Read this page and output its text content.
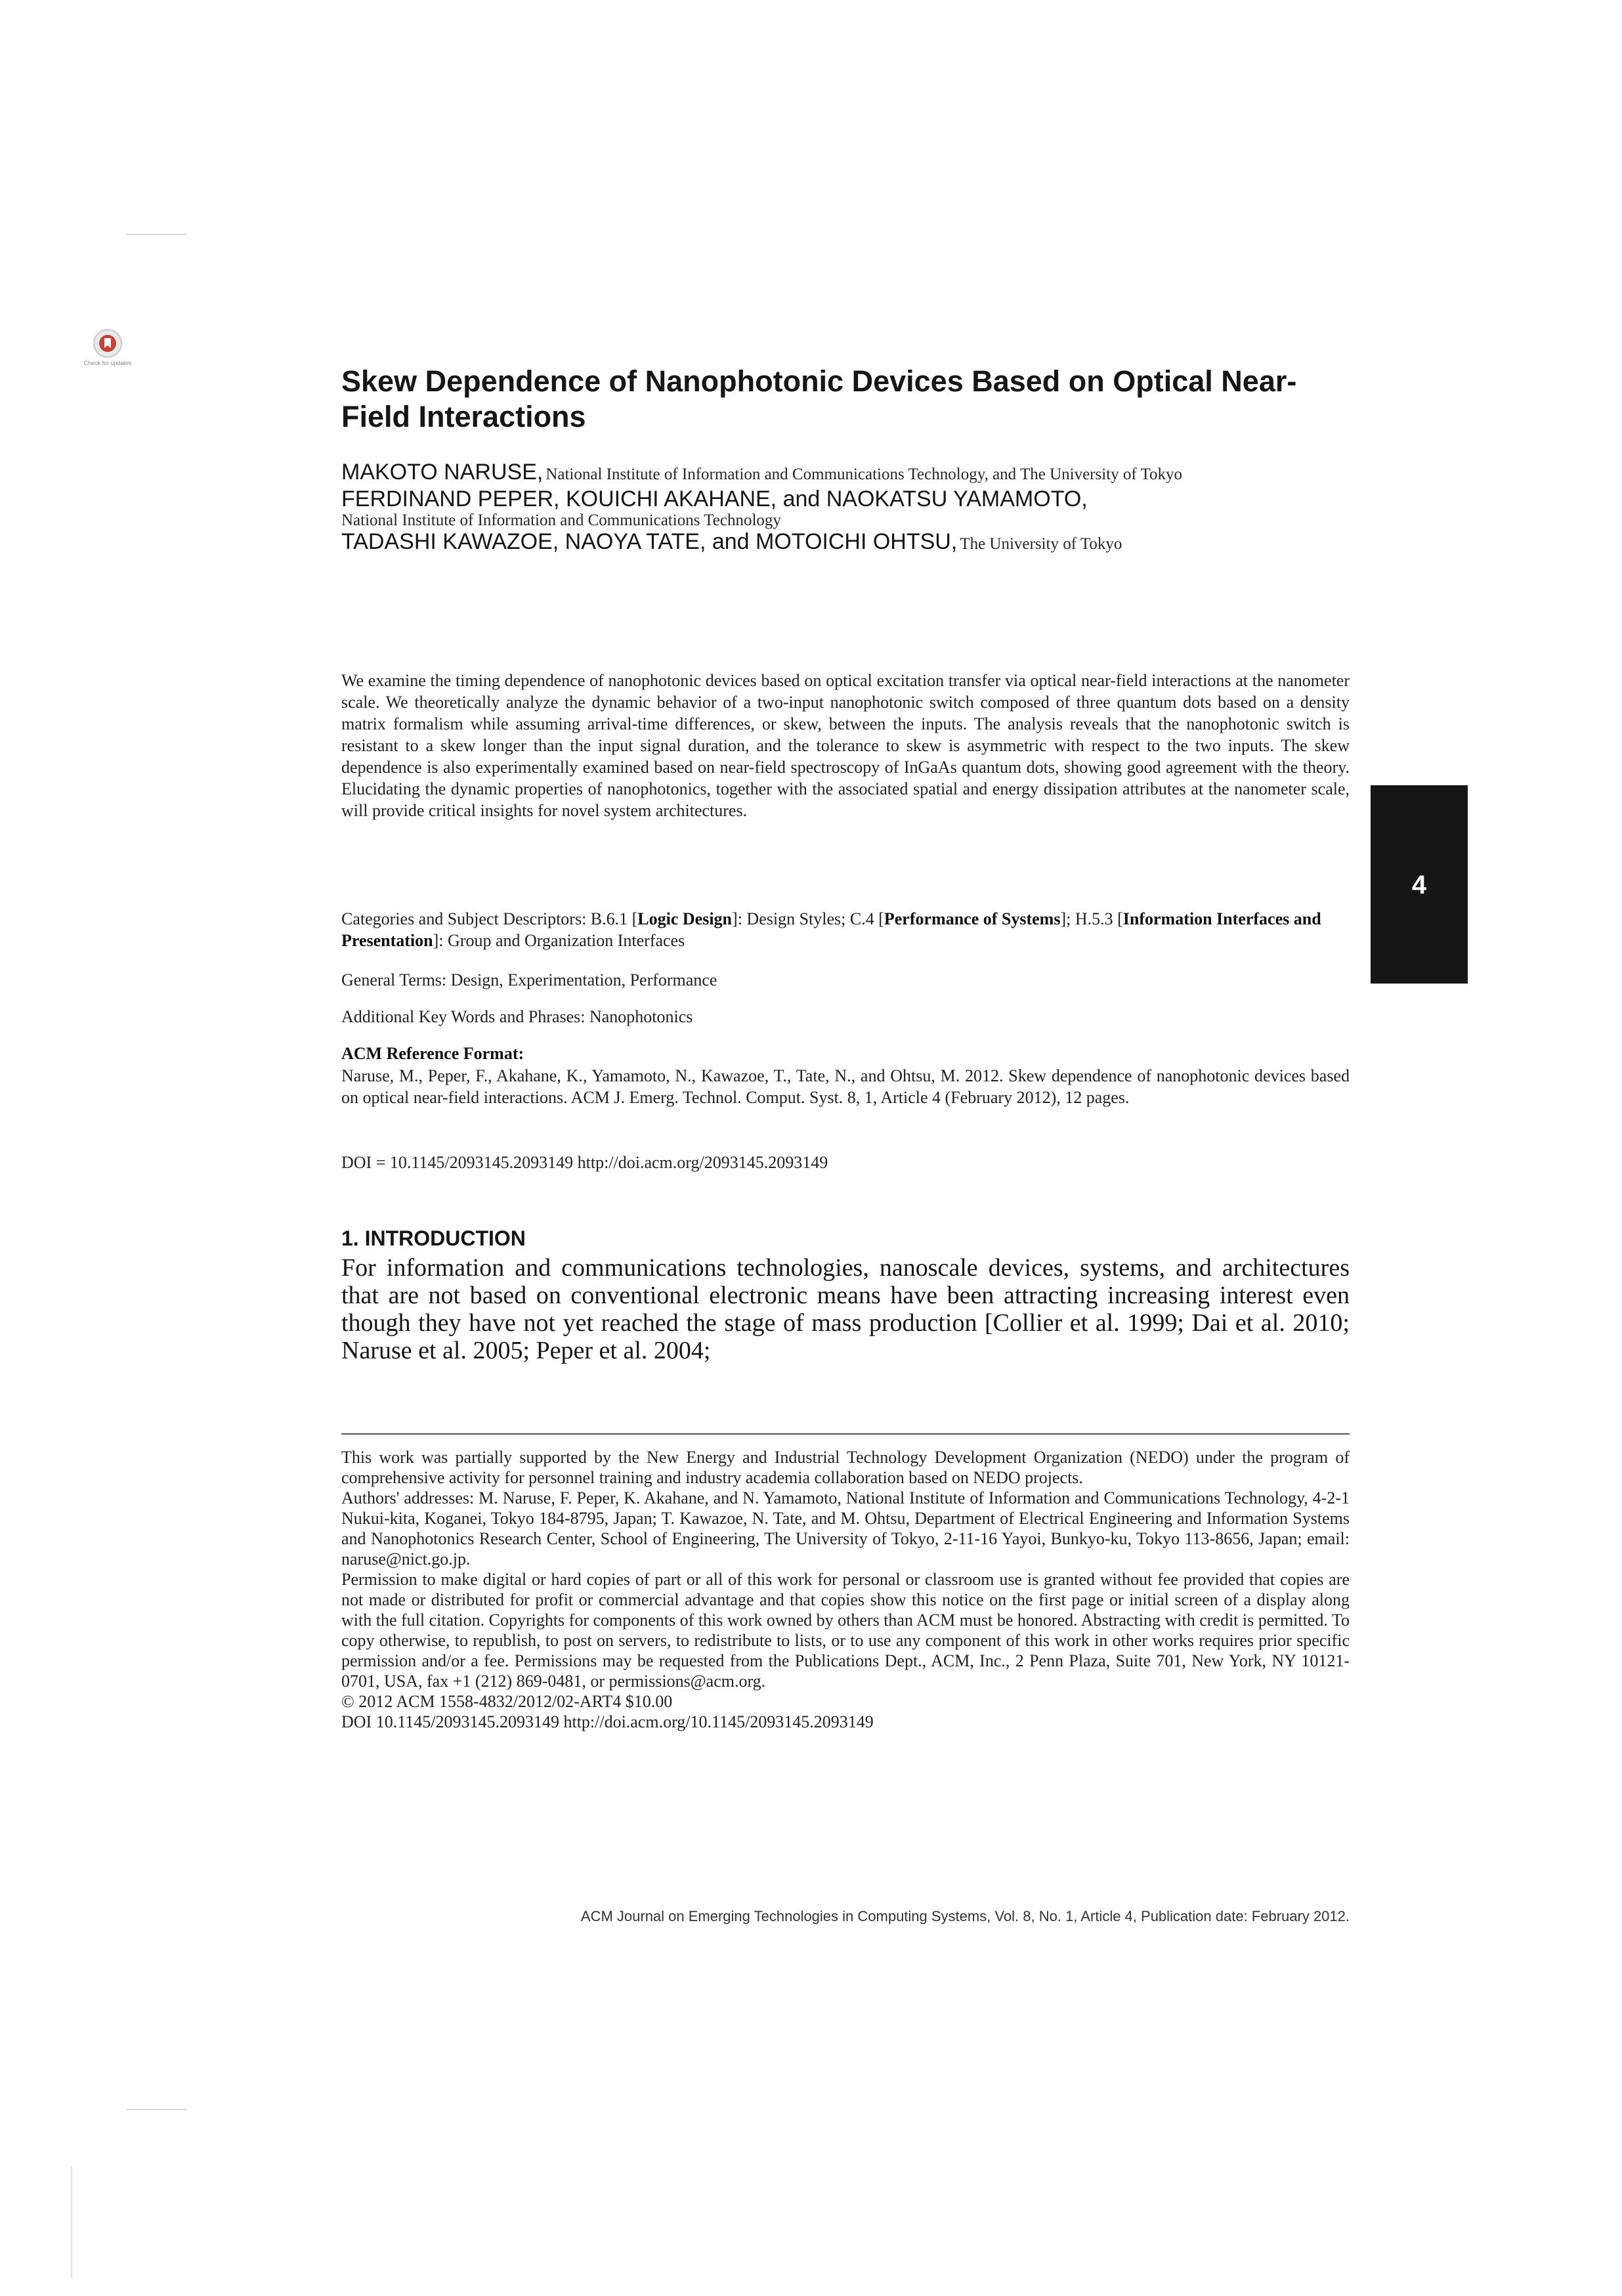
Check for updates
Skew Dependence of Nanophotonic Devices Based on Optical Near-Field Interactions
MAKOTO NARUSE, National Institute of Information and Communications Technology, and The University of Tokyo
FERDINAND PEPER, KOUICHI AKAHANE, and NAOKATSU YAMAMOTO,
National Institute of Information and Communications Technology
TADASHI KAWAZOE, NAOYA TATE, and MOTOICHI OHTSU, The University of Tokyo
We examine the timing dependence of nanophotonic devices based on optical excitation transfer via optical near-field interactions at the nanometer scale. We theoretically analyze the dynamic behavior of a two-input nanophotonic switch composed of three quantum dots based on a density matrix formalism while assuming arrival-time differences, or skew, between the inputs. The analysis reveals that the nanophotonic switch is resistant to a skew longer than the input signal duration, and the tolerance to skew is asymmetric with respect to the two inputs. The skew dependence is also experimentally examined based on near-field spectroscopy of InGaAs quantum dots, showing good agreement with the theory. Elucidating the dynamic properties of nanophotonics, together with the associated spatial and energy dissipation attributes at the nanometer scale, will provide critical insights for novel system architectures.
Categories and Subject Descriptors: B.6.1 [Logic Design]: Design Styles; C.4 [Performance of Systems]; H.5.3 [Information Interfaces and Presentation]: Group and Organization Interfaces
General Terms: Design, Experimentation, Performance
Additional Key Words and Phrases: Nanophotonics
ACM Reference Format:
Naruse, M., Peper, F., Akahane, K., Yamamoto, N., Kawazoe, T., Tate, N., and Ohtsu, M. 2012. Skew dependence of nanophotonic devices based on optical near-field interactions. ACM J. Emerg. Technol. Comput. Syst. 8, 1, Article 4 (February 2012), 12 pages.
DOI = 10.1145/2093145.2093149 http://doi.acm.org/2093145.2093149
4
1. INTRODUCTION
For information and communications technologies, nanoscale devices, systems, and architectures that are not based on conventional electronic means have been attracting increasing interest even though they have not yet reached the stage of mass production [Collier et al. 1999; Dai et al. 2010; Naruse et al. 2005; Peper et al. 2004;

This work was partially supported by the New Energy and Industrial Technology Development Organization (NEDO) under the program of comprehensive activity for personnel training and industry academia collaboration based on NEDO projects.

Authors' addresses: M. Naruse, F. Peper, K. Akahane, and N. Yamamoto, National Institute of Information and Communications Technology, 4-2-1 Nukui-kita, Koganei, Tokyo 184-8795, Japan; T. Kawazoe, N. Tate, and M. Ohtsu, Department of Electrical Engineering and Information Systems and Nanophotonics Research Center, School of Engineering, The University of Tokyo, 2-11-16 Yayoi, Bunkyo-ku, Tokyo 113-8656, Japan; email: naruse@nict.go.jp.

Permission to make digital or hard copies of part or all of this work for personal or classroom use is granted without fee provided that copies are not made or distributed for profit or commercial advantage and that copies show this notice on the first page or initial screen of a display along with the full citation. Copyrights for components of this work owned by others than ACM must be honored. Abstracting with credit is permitted. To copy otherwise, to republish, to post on servers, to redistribute to lists, or to use any component of this work in other works requires prior specific permission and/or a fee. Permissions may be requested from the Publications Dept., ACM, Inc., 2 Penn Plaza, Suite 701, New York, NY 10121-0701, USA, fax +1 (212) 869-0481, or permissions@acm.org.

© 2012 ACM 1558-4832/2012/02-ART4 $10.00

DOI 10.1145/2093145.2093149 http://doi.acm.org/10.1145/2093145.2093149

ACM Journal on Emerging Technologies in Computing Systems, Vol. 8, No. 1, Article 4, Publication date: February 2012.
